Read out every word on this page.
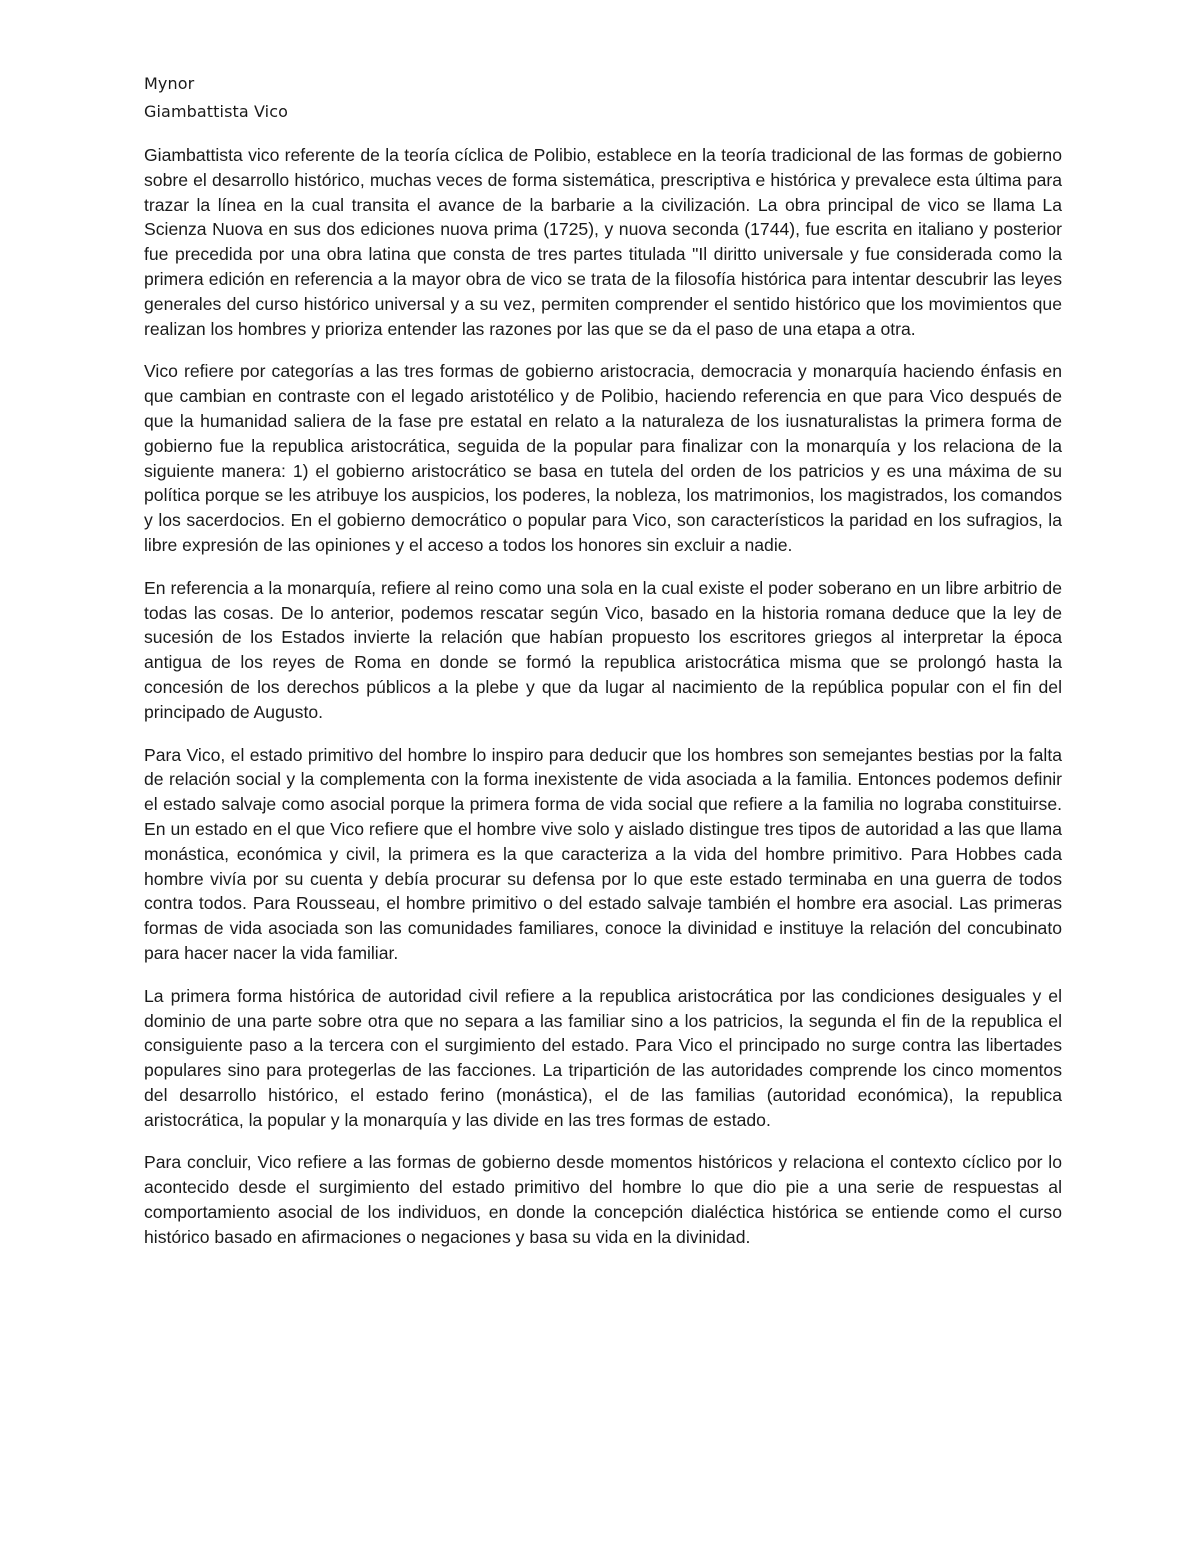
Mynor
Giambattista Vico

Giambattista vico referente de la teoría cíclica de Polibio, establece en la teoría tradicional de las formas de gobierno sobre el desarrollo histórico, muchas veces de forma sistemática, prescriptiva e histórica y prevalece esta última para trazar la línea en la cual transita el avance de la barbarie a la civilización. La obra principal de vico se llama La Scienza Nuova en sus dos ediciones nuova prima (1725), y nuova seconda (1744), fue escrita en italiano y posterior fue precedida por una obra latina que consta de tres partes titulada "Il diritto universale y fue considerada como la primera edición en referencia a la mayor obra de vico se trata de la filosofía histórica para intentar descubrir las leyes generales del curso histórico universal y a su vez, permiten comprender el sentido histórico que los movimientos que realizan los hombres y prioriza entender las razones por las que se da el paso de una etapa a otra.

Vico refiere por categorías a las tres formas de gobierno aristocracia, democracia y monarquía haciendo énfasis en que cambian en contraste con el legado aristotélico y de Polibio, haciendo referencia en que para Vico después de que la humanidad saliera de la fase pre estatal en relato a la naturaleza de los iusnaturalistas la primera forma de gobierno fue la republica aristocrática, seguida de la popular para finalizar con la monarquía y los relaciona de la siguiente manera: 1) el gobierno aristocrático se basa en tutela del orden de los patricios y es una máxima de su política porque se les atribuye los auspicios, los poderes, la nobleza, los matrimonios, los magistrados, los comandos y los sacerdocios. En el gobierno democrático o popular para Vico, son característicos la paridad en los sufragios, la libre expresión de las opiniones y el acceso a todos los honores sin excluir a nadie.

En referencia a la monarquía, refiere al reino como una sola en la cual existe el poder soberano en un libre arbitrio de todas las cosas. De lo anterior, podemos rescatar según Vico, basado en la historia romana deduce que la ley de sucesión de los Estados invierte la relación que habían propuesto los escritores griegos al interpretar la época antigua de los reyes de Roma en donde se formó la republica aristocrática misma que se prolongó hasta la concesión de los derechos públicos a la plebe y que da lugar al nacimiento de la república popular con el fin del principado de Augusto.

Para Vico, el estado primitivo del hombre lo inspiro para deducir que los hombres son semejantes bestias por la falta de relación social y la complementa con la forma inexistente de vida asociada a la familia. Entonces podemos definir el estado salvaje como asocial porque la primera forma de vida social que refiere a la familia no lograba constituirse. En un estado en el que Vico refiere que el hombre vive solo y aislado distingue tres tipos de autoridad a las que llama monástica, económica y civil, la primera es la que caracteriza a la vida del hombre primitivo. Para Hobbes cada hombre vivía por su cuenta y debía procurar su defensa por lo que este estado terminaba en una guerra de todos contra todos. Para Rousseau, el hombre primitivo o del estado salvaje también el hombre era asocial. Las primeras formas de vida asociada son las comunidades familiares, conoce la divinidad e instituye la relación del concubinato para hacer nacer la vida familiar.

La primera forma histórica de autoridad civil refiere a la republica aristocrática por las condiciones desiguales y el dominio de una parte sobre otra que no separa a las familiar sino a los patricios, la segunda el fin de la republica el consiguiente paso a la tercera con el surgimiento del estado. Para Vico el principado no surge contra las libertades populares sino para protegerlas de las facciones. La tripartición de las autoridades comprende los cinco momentos del desarrollo histórico, el estado ferino (monástica), el de las familias (autoridad económica), la republica aristocrática, la popular y la monarquía y las divide en las tres formas de estado.

Para concluir, Vico refiere a las formas de gobierno desde momentos históricos y relaciona el contexto cíclico por lo acontecido desde el surgimiento del estado primitivo del hombre lo que dio pie a una serie de respuestas al comportamiento asocial de los individuos, en donde la concepción dialéctica histórica se entiende como el curso histórico basado en afirmaciones o negaciones y basa su vida en la divinidad.
